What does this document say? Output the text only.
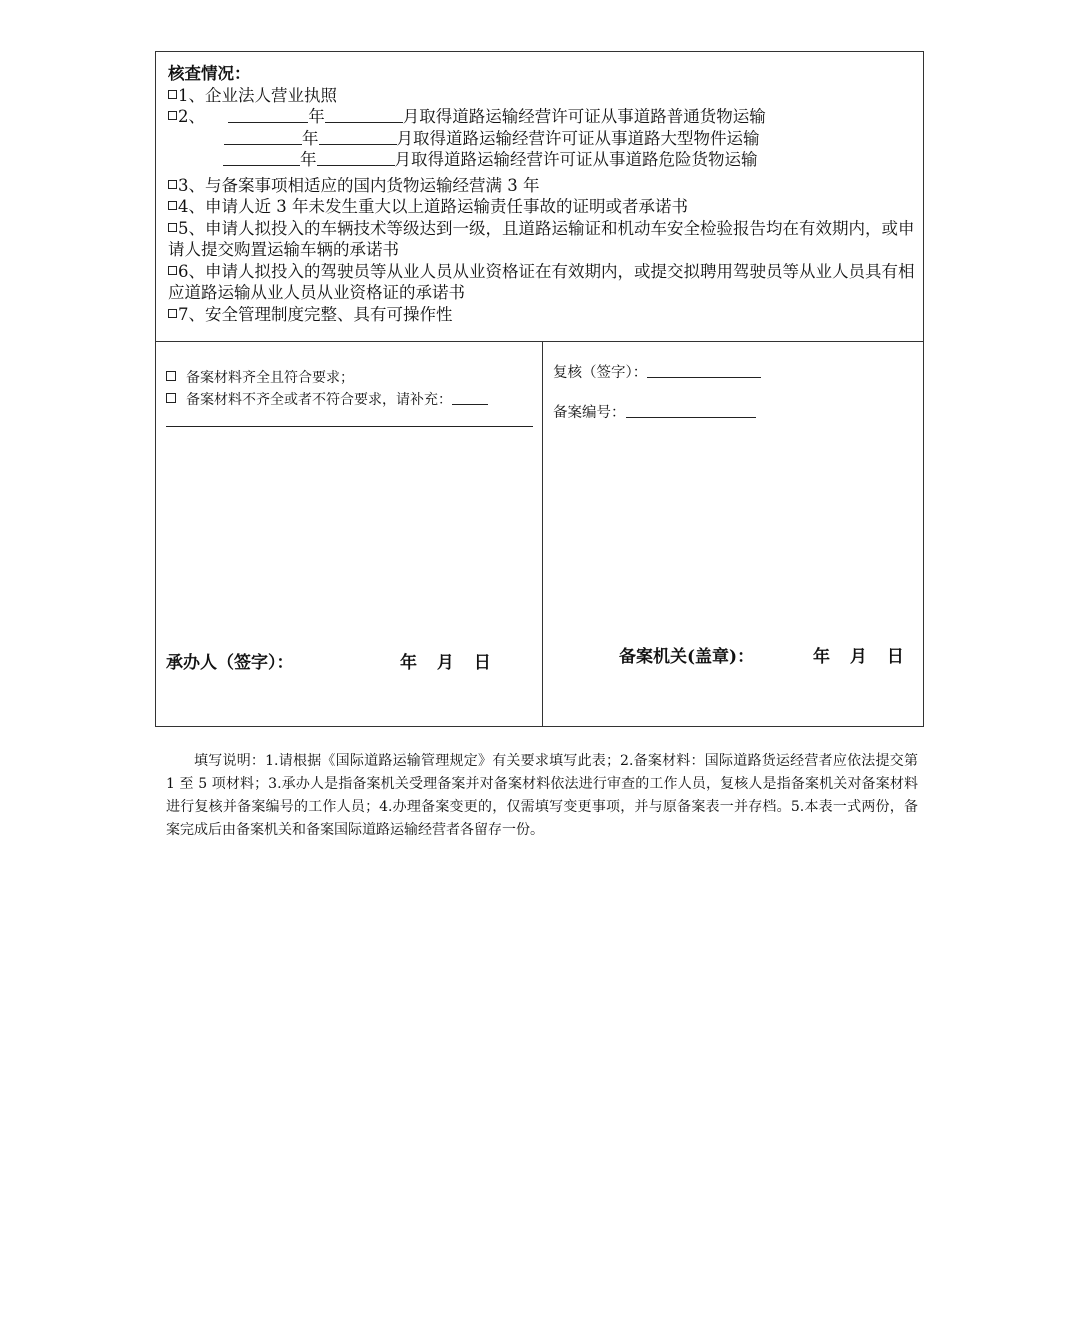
核查情况：
1、企业法人营业执照
2、	年	月取得道路运输经营许可证从事道路普通货物运输
年	月取得道路运输经营许可证从事道路大型物件运输
年	月取得道路运输经营许可证从事道路危险货物运输
3、与备案事项相适应的国内货物运输经营满 3 年
4、申请人近 3 年未发生重大以上道路运输责任事故的证明或者承诺书
5、申请人拟投入的车辆技术等级达到一级，且道路运输证和机动车安全检验报告均在有效期内，或申请人提交购置运输车辆的承诺书
6、申请人拟投入的驾驶员等从业人员从业资格证在有效期内，或提交拟聘用驾驶员等从业人员具有相应道路运输从业人员从业资格证的承诺书
7、安全管理制度完整、具有可操作性
备案材料齐全且符合要求；
备案材料不齐全或者不符合要求，请补充：
承办人（签字）：	年 月 日
复核（签字）：
备案编号：
备案机关(盖章)：	年 月 日
填写说明：1.请根据《国际道路运输管理规定》有关要求填写此表；2.备案材料：国际道路货运经营者应依法提交第 1 至 5 项材料；3.承办人是指备案机关受理备案并对备案材料依法进行审查的工作人员，复核人是指备案机关对备案材料进行复核并备案编号的工作人员；4.办理备案变更的，仅需填写变更事项，并与原备案表一并存档。5.本表一式两份，备案完成后由备案机关和备案国际道路运输经营者各留存一份。
